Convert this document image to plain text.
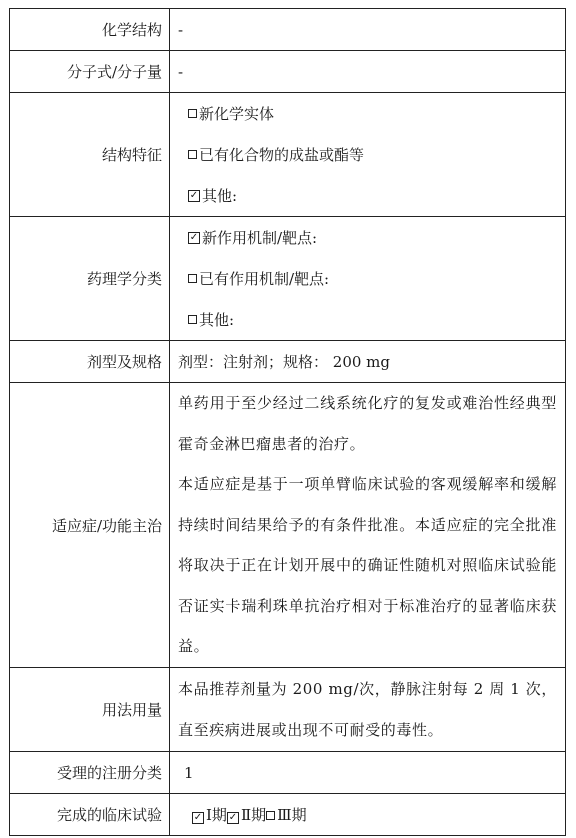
化学结构	-
分子式/分子量	-
结构特征	新化学实体
已有化合物的成盐或酯等
✓ 其他:

药理学分类	✓ 新作用机制/靶点:
已有作用机制/靶点:
其他:

剂型及规格	剂型：注射剂；规格： 200 mg
适应症/功能主治	单药用于至少经过二线系统化疗的复发或难治性经典型霍奇金淋巴瘤患者的治疗。
本适应症是基于一项单臂临床试验的客观缓解率和缓解持续时间结果给予的有条件批准。本适应症的完全批准将取决于正在计划开展中的确证性随机对照临床试验能否证实卡瑞利珠单抗治疗相对于标准治疗的显著临床获益。

用法用量	本品推荐剂量为 200 mg/次，静脉注射每 2 周 1 次，直至疾病进展或出现不可耐受的毒性。

受理的注册分类	1
完成的临床试验	✓ Ⅰ期 ✓ Ⅱ期 Ⅲ期
